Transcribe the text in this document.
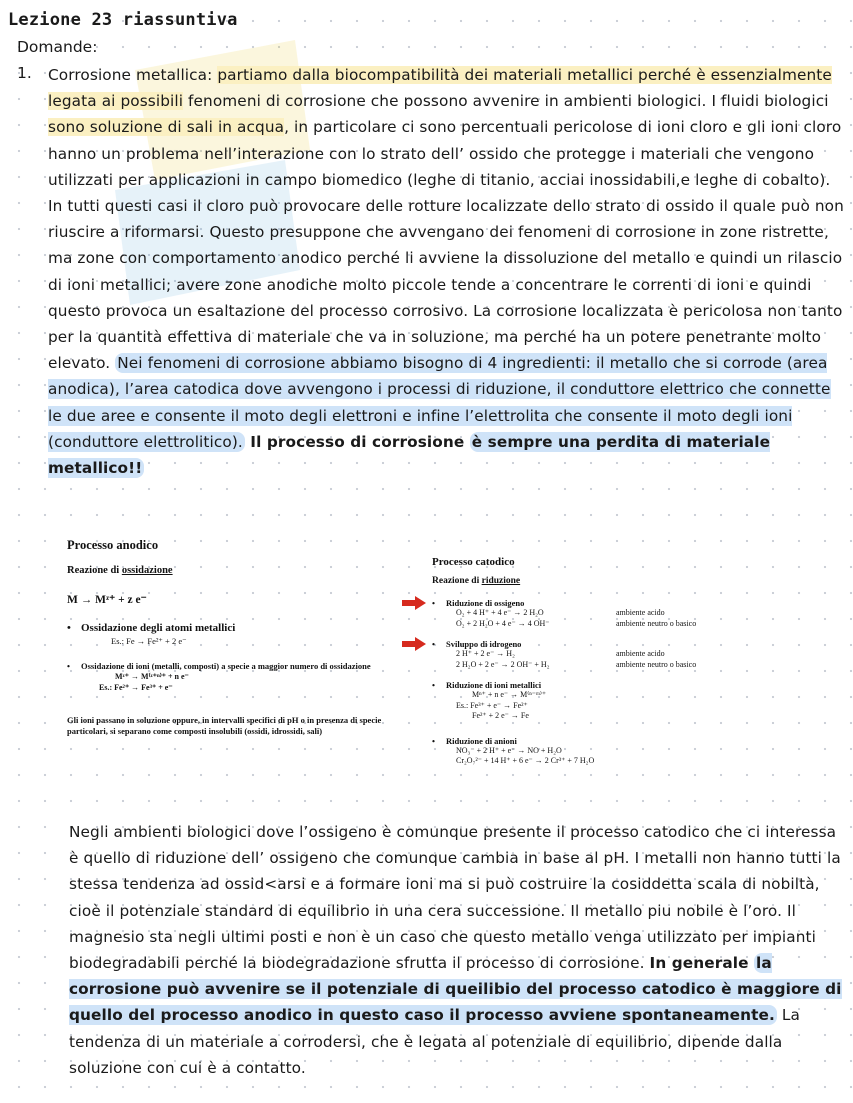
Lezione 23 riassuntiva
Domande:
1. Corrosione metallica: partiamo dalla biocompatibilità dei materiali metallici perché è essenzialmente legata ai possibili fenomeni di corrosione che possono avvenire in ambienti biologici. I fluidi biologici sono soluzione di sali in acqua, in particolare ci sono percentuali pericolose di ioni cloro e gli ioni cloro hanno un problema nell’interazione con lo strato dell’ ossido che protegge i materiali che vengono utilizzati per applicazioni in campo biomedico (leghe di titanio, acciai inossidabili,e leghe di cobalto). In tutti questi casi il cloro può provocare delle rotture localizzate dello strato di ossido il quale può non riuscire a riformarsi. Questo presuppone che avvengano dei fenomeni di corrosione in zone ristrette, ma zone con comportamento anodico perché li avviene la dissoluzione del metallo e quindi un rilascio di ioni metallici; avere zone anodiche molto piccole tende a concentrare le correnti di ioni e quindi questo provoca un esaltazione del processo corrosivo. La corrosione localizzata è pericolosa non tanto per la quantità effettiva di materiale che va in soluzione, ma perché ha un potere penetrante molto elevato. Nei fenomeni di corrosione abbiamo bisogno di 4 ingredienti: il metallo che si corrode (area anodica), l’area catodica dove avvengono i processi di riduzione, il conduttore elettrico che connette le due aree e consente il moto degli elettroni e infine l’elettrolita che consente il moto degli ioni (conduttore elettrolitico). Il processo di corrosione è sempre una perdita di materiale metallico!!
Processo anodico
Reazione di ossidazione
M → Mᶻ⁺ + z e⁻
• Ossidazione degli atomi metallici
Es.: Fe → Fe²⁺ + 2 e⁻
• Ossidazione di ioni (metalli, composti) a specie a maggior numero di ossidazione
Mᶻ⁺ → M⁽ᶻ⁺ⁿ⁾⁺ + n e⁻
Es.: Fe²⁺ → Fe³⁺ + e⁻
Gli ioni passano in soluzione oppure, in intervalli specifici di pH o in presenza di specie particolari, si separano come composti insolubili (ossidi, idrossidi, sali)
Processo catodico
Reazione di riduzione
• Riduzione di ossigeno
O₂ + 4 H⁺ + 4 e⁻ → 2 H₂O	ambiente acido
O₂ + 2 H₂O + 4 e⁻ → 4 OH⁻	ambiente neutro o basico
• Sviluppo di idrogeno
2 H⁺ + 2 e⁻ → H₂	ambiente acido
2 H₂O + 2 e⁻ → 2 OH⁻ + H₂	ambiente neutro o basico
• Riduzione di ioni metallici
Mⁿ⁺ + n e⁻ → M⁽ⁿ⁻ᵐ⁾⁺
Es.: Fe³⁺ + e⁻ → Fe²⁺
Fe²⁺ + 2 e⁻ → Fe
• Riduzione di anioni
NO₃⁻ + 2 H⁺ + e⁻ → NO + H₂O
Cr₂O₇²⁻ + 14 H⁺ + 6 e⁻ → 2 Cr³⁺ + 7 H₂O
Negli ambienti biologici dove l’ossigeno è comunque presente il processo catodico che ci interessa è quello di riduzione dell’ ossigeno che comunque cambia in base al pH. I metalli non hanno tutti la stessa tendenza ad ossid<arsi e a formare ioni ma si può costruire la cosiddetta scala di nobiltà, cioè il potenziale standard di equilibrio in una cera successione. Il metallo piu nobile è l’oro. Il magnesio sta negli ultimi posti e non è un caso che questo metallo venga utilizzato per impianti biodegradabili perché la biodegradazione sfrutta il processo di corrosione. In generale la corrosione può avvenire se il potenziale di queilibio del processo catodico è maggiore di quello del processo anodico in questo caso il processo avviene spontaneamente. La tendenza di un materiale a corrodersi, che è legata al potenziale di equilibrio, dipende dalla soluzione con cui è a contatto.
